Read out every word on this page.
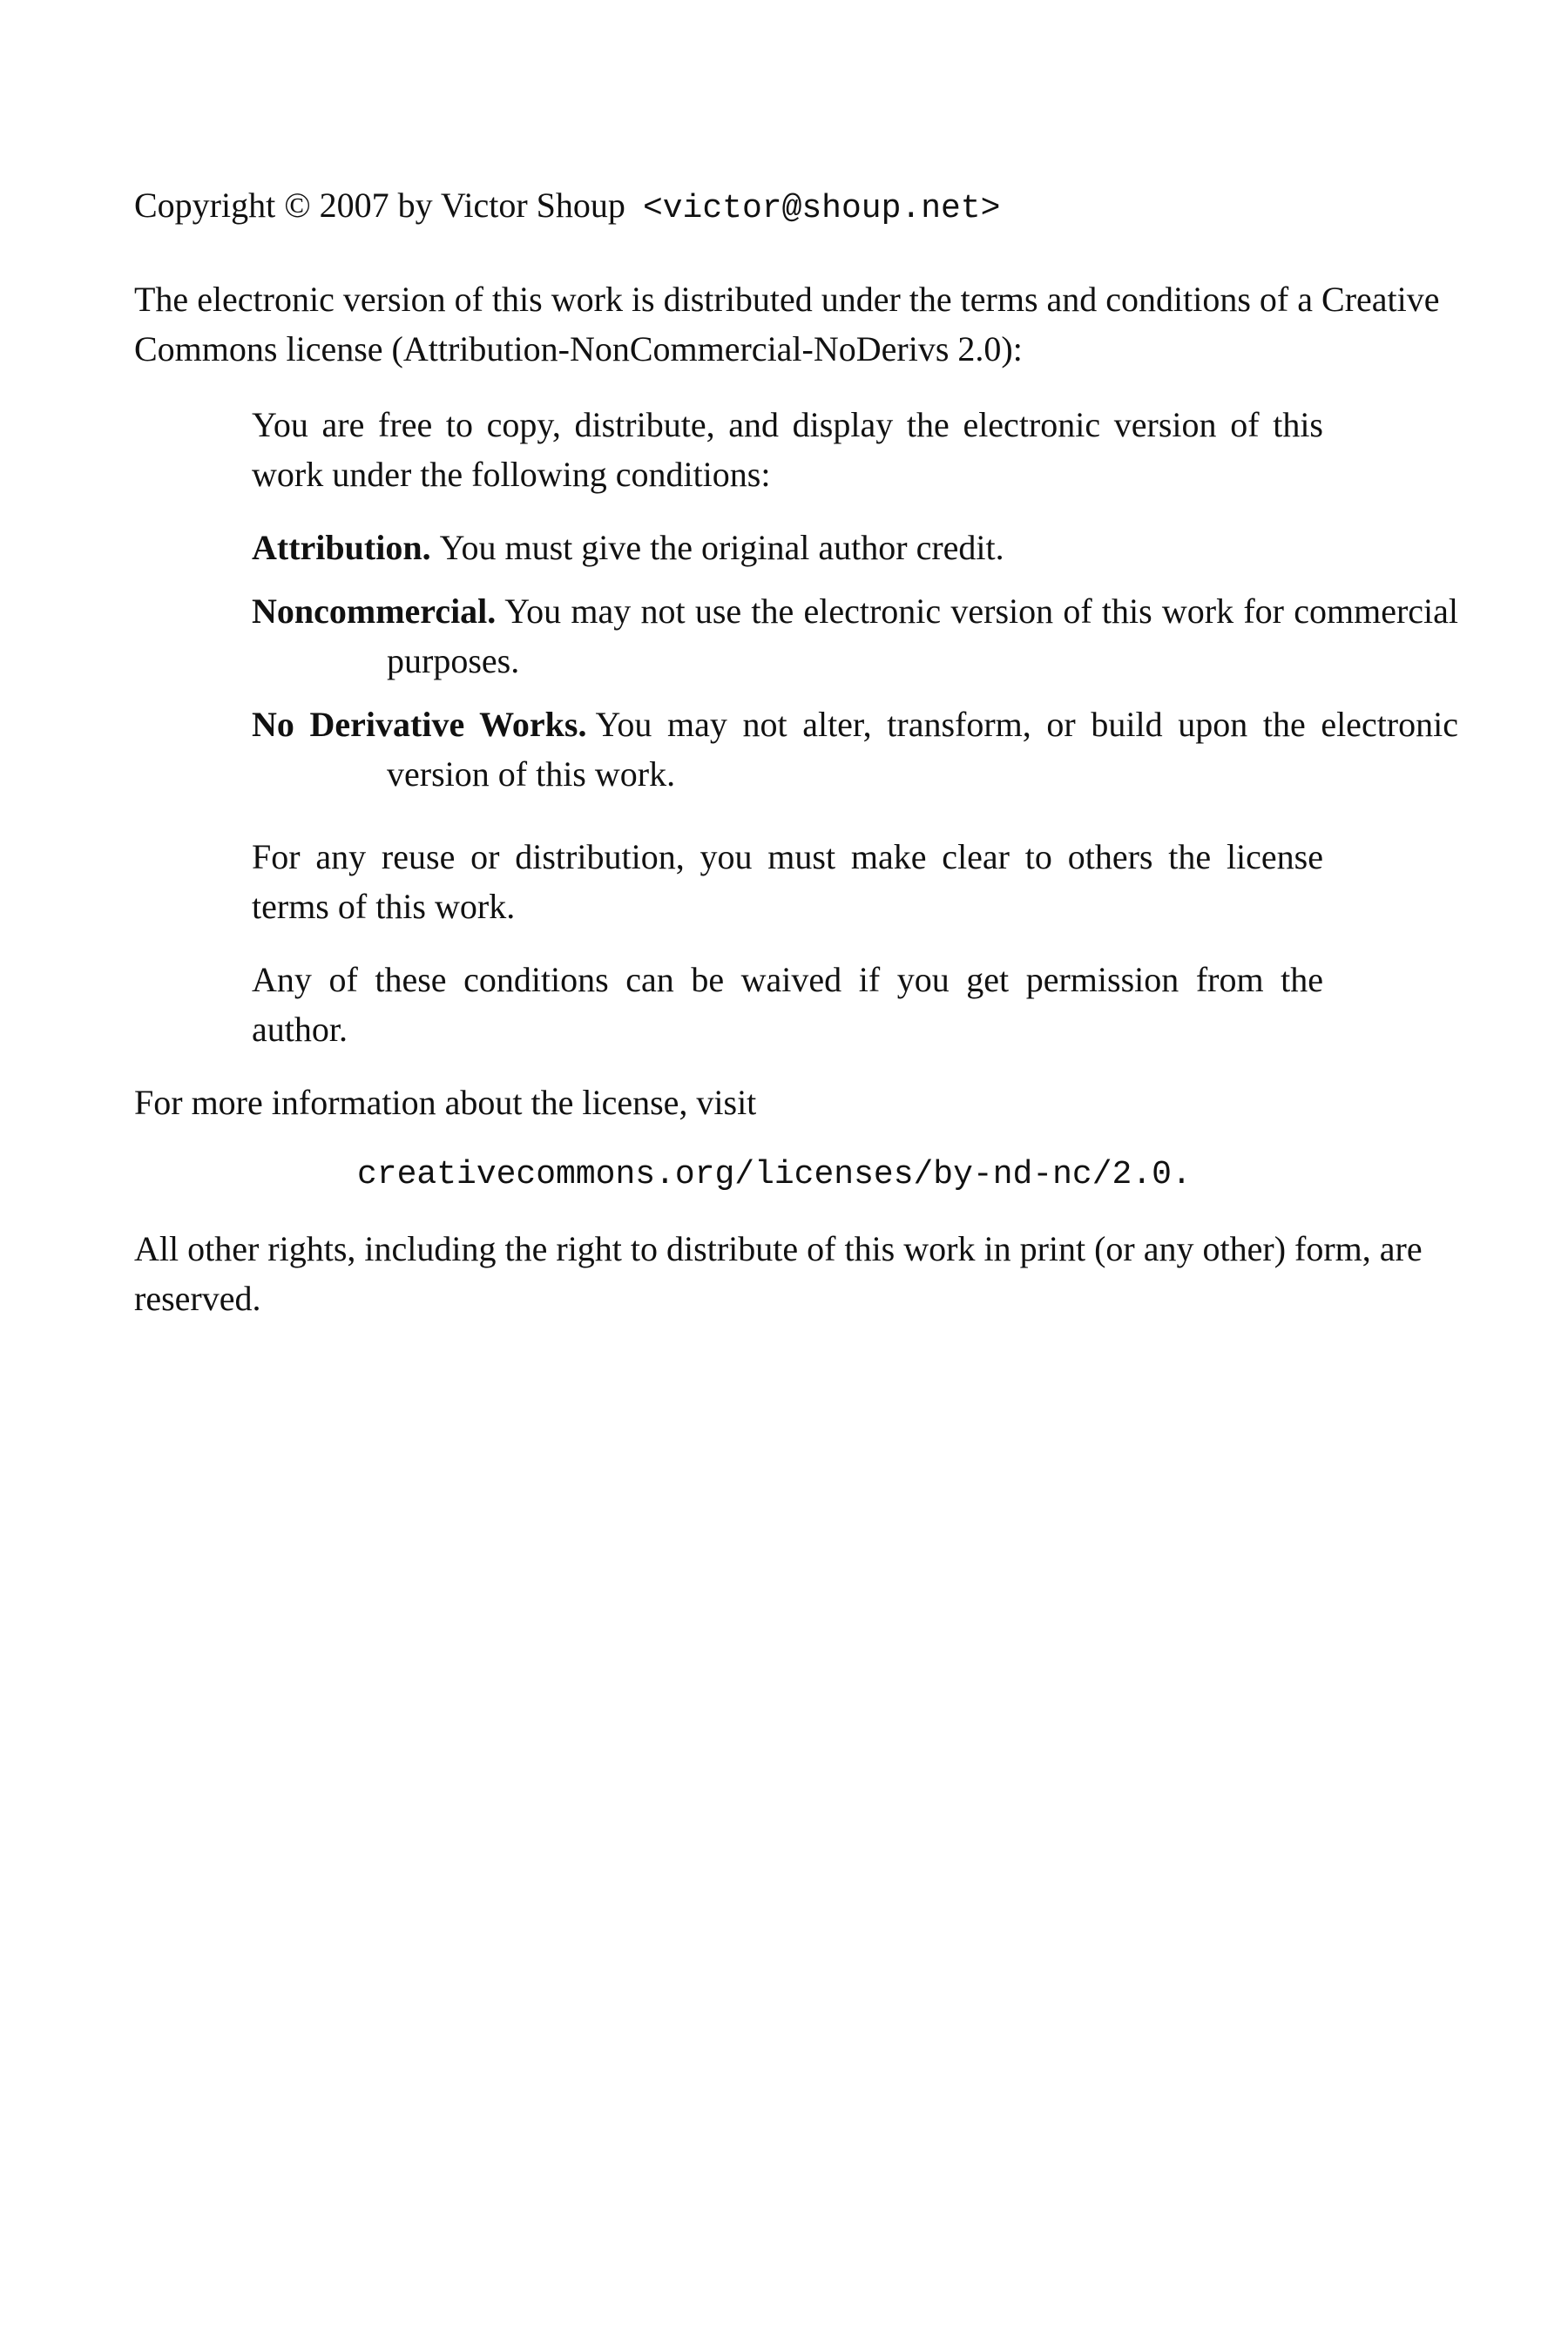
Copyright © 2007 by Victor Shoup <victor@shoup.net>

The electronic version of this work is distributed under the terms and conditions of a Creative Commons license (Attribution-NonCommercial-NoDerivs 2.0):

You are free to copy, distribute, and display the electronic version of this work under the following conditions:

Attribution. You must give the original author credit.

Noncommercial. You may not use the electronic version of this work for commercial purposes.

No Derivative Works. You may not alter, transform, or build upon the electronic version of this work.

For any reuse or distribution, you must make clear to others the license terms of this work.

Any of these conditions can be waived if you get permission from the author.

For more information about the license, visit

creativecommons.org/licenses/by-nd-nc/2.0.

All other rights, including the right to distribute of this work in print (or any other) form, are reserved.
